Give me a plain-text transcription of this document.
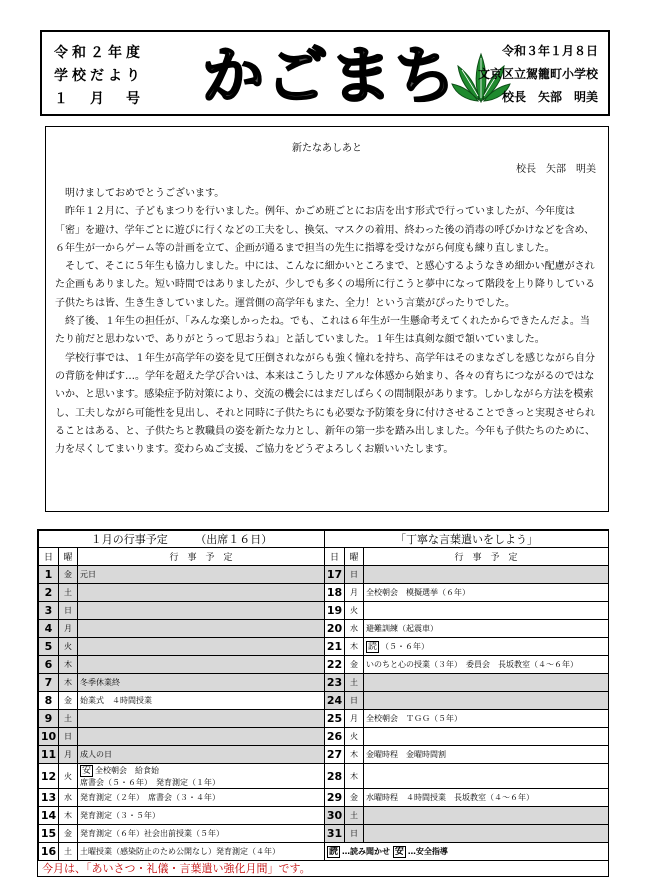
令和２年度
学校だより
１　月　号 かごまち	令和３年１月８日
文京区立駕籠町小学校
校長　矢部　明美
新たなあしあと
校長　矢部　明美

明けましておめでとうございます。

昨年１２月に、子どもまつりを行いました。例年、かごめ班ごとにお店を出す形式で行っていましたが、今年度は「密」を避け、学年ごとに遊びに行くなどの工夫をし、換気、マスクの着用、終わった後の消毒の呼びかけなどを含め、６年生が一からゲーム等の計画を立て、企画が通るまで担当の先生に指導を受けながら何度も練り直しました。

そして、そこに５年生も協力しました。中には、こんなに細かいところまで、と感心するようなきめ細かい配慮がされた企画もありました。短い時間ではありましたが、少しでも多くの場所に行こうと夢中になって階段を上り降りしている子供たちは皆、生き生きしていました。運営側の高学年もまた、全力！という言葉がぴったりでした。

終了後、１年生の担任が、「みんな楽しかったね。でも、これは６年生が一生懸命考えてくれたからできたんだよ。当たり前だと思わないで、ありがとうって思おうね」と話していました。１年生は真剣な顔で頷いていました。

学校行事では、１年生が高学年の姿を見て圧倒されながらも強く憧れを持ち、高学年はそのまなざしを感じながら自分の背筋を伸ばす…。学年を超えた学び合いは、本来はこうしたリアルな体感から始まり、各々の育ちにつながるのではないか、と思います。感染症予防対策により、交流の機会にはまだしばらくの間制限があります。しかしながら方法を模索し、工夫しながら可能性を見出し、それと同時に子供たちにも必要な予防策を身に付けさせることできっと実現させられることはある、と、子供たちと教職員の姿を新たな力とし、新年の第一歩を踏み出しました。今年も子供たちのために、力を尽くしてまいります。変わらぬご支援、ご協力をどうぞよろしくお願いいたします。

１月の行事予定　　　（出席１６日）			「丁寧な言葉遣いをしよう」		
日	曜	行　事　予　定	日	曜	行　事　予　定
1	金	元日	17	日	
2	土		18	月	全校朝会　模擬選挙（６年）
3	日		19	火	
4	月		20	水	避難訓練（起震車）
5	火		21	木	読 （５・６年）
6	木		22	金	いのちと心の授業（３年）　委員会　長坂教室（４～６年）
7	木	冬季休業終	23	土	
8	金	始業式　４時間授業	24	日	
9	土		25	月	全校朝会　ＴＧＧ（５年）
10	日		26	火	
11	月	成人の日	27	木	金曜時程　金曜時間割
12	火	安 全校朝会　給食始
席書会（５・６年）　発育測定（１年）	28	木	
13	水	発育測定（２年）　席書会（３・４年）	29	金	水曜時程　４時間授業　長坂教室（４～６年）
14	木	発育測定（３・５年）	30	土	
15	金	発育測定（６年）社会出前授業（５年）	31	日	
16	土	土曜授業（感染防止のため公開なし）発育測定（４年）	読 …読み聞かせ 安 …安全指導		
今月は、「あいさつ・礼儀・言葉遣い強化月間」です。
